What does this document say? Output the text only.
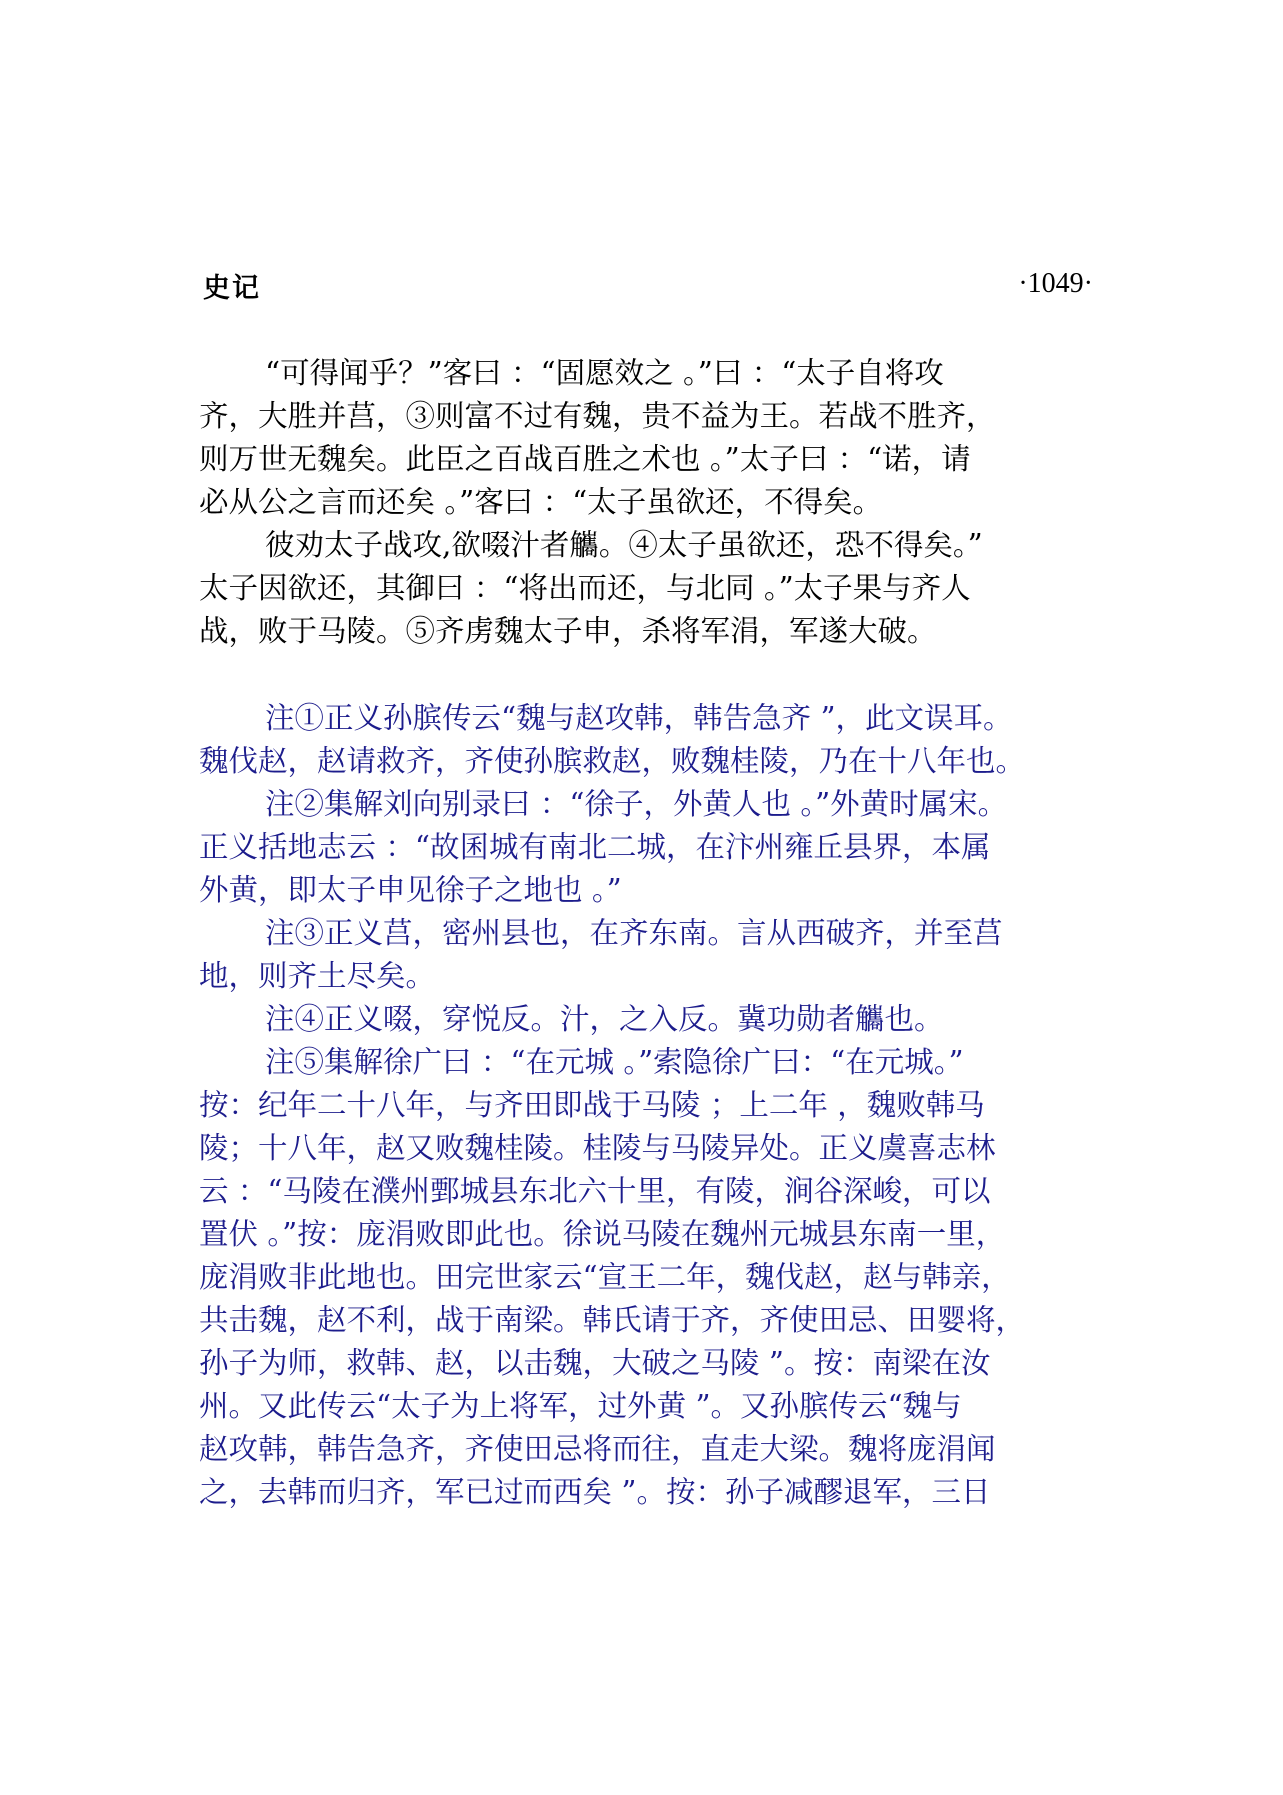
史记	·1049·
“可得闻乎？”客曰 ：“固愿效之 。”曰 ：“太子自将攻
齐，大胜并莒，③则富不过有魏，贵不益为王。若战不胜齐，
则万世无魏矣。此臣之百战百胜之术也 。”太子曰 ：“诺，请
必从公之言而还矣 。”客曰 ：“太子虽欲还，不得矣。
彼劝太子战攻,欲啜汁者觿。④太子虽欲还，恐不得矣。”
太子因欲还，其御曰 ：“将出而还，与北同 。”太子果与齐人
战，败于马陵。⑤齐虏魏太子申，杀将军涓，军遂大破。
注①正义孙膑传云“魏与赵攻韩，韩告急齐 ”，此文误耳。
魏伐赵，赵请救齐，齐使孙膑救赵，败魏桂陵，乃在十八年也。
注②集解刘向别录曰 ：“徐子，外黄人也 。”外黄时属宋。
正义括地志云 ：“故囷城有南北二城，在汴州雍丘县界，本属
外黄，即太子申见徐子之地也 。”
注③正义莒，密州县也，在齐东南。言从西破齐，并至莒
地，则齐土尽矣。
注④正义啜，穿悦反。汁，之入反。冀功勋者觿也。
注⑤集解徐广曰 ：“在元城 。”索隐徐广曰：“在元城。”
按：纪年二十八年，与齐田即战于马陵 ；上二年 ，魏败韩马
陵；十八年，赵又败魏桂陵。桂陵与马陵异处。正义虞喜志林
云 ：“马陵在濮州鄄城县东北六十里，有陵，涧谷深峻，可以
置伏 。”按：庞涓败即此也。徐说马陵在魏州元城县东南一里，
庞涓败非此地也。田完世家云“宣王二年，魏伐赵，赵与韩亲，
共击魏，赵不利，战于南梁。韩氏请于齐，齐使田忌、田婴将，
孙子为师，救韩、赵，以击魏，大破之马陵 ”。按：南梁在汝
州。又此传云“太子为上将军，过外黄 ”。又孙膑传云“魏与
赵攻韩，韩告急齐，齐使田忌将而往，直走大梁。魏将庞涓闻
之，去韩而归齐，军已过而西矣 ”。按：孙子减醪退军，三日
